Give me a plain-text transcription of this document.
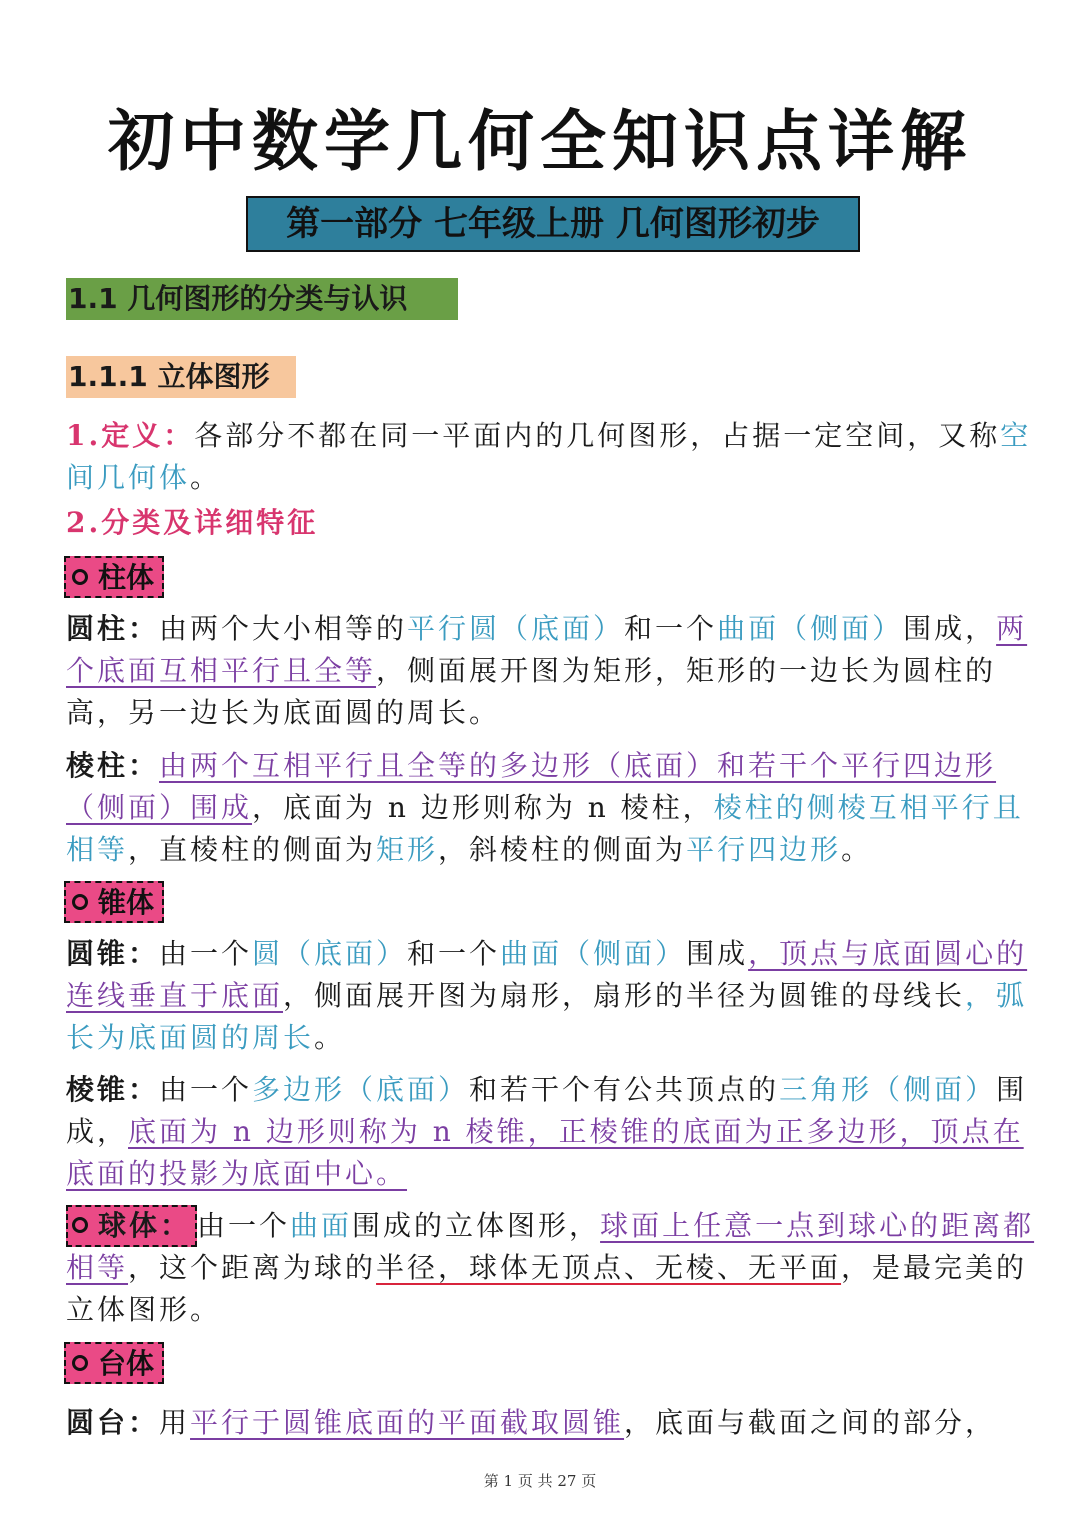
初中数学几何全知识点详解
第一部分 七年级上册 几何图形初步
1.1 几何图形的分类与认识
1.1.1 立体图形
1.定义：各部分不都在同一平面内的几何图形，占据一定空间，又称空间几何体。
2.分类及详细特征
柱体
圆柱：由两个大小相等的平行圆（底面）和一个曲面（侧面）围成，两个底面互相平行且全等，侧面展开图为矩形，矩形的一边长为圆柱的高，另一边长为底面圆的周长。
棱柱：由两个互相平行且全等的多边形（底面）和若干个平行四边形（侧面）围成，底面为 n 边形则称为 n 棱柱，棱柱的侧棱互相平行且相等，直棱柱的侧面为矩形，斜棱柱的侧面为平行四边形。
锥体
圆锥：由一个圆（底面）和一个曲面（侧面）围成，顶点与底面圆心的连线垂直于底面，侧面展开图为扇形，扇形的半径为圆锥的母线长，弧长为底面圆的周长。
棱锥：由一个多边形（底面）和若干个有公共顶点的三角形（侧面）围成，底面为 n 边形则称为 n 棱锥，正棱锥的底面为正多边形，顶点在底面的投影为底面中心。
球体： 由一个曲面围成的立体图形，球面上任意一点到球心的距离都相等，这个距离为球的半径，球体无顶点、无棱、无平面，是最完美的立体图形。
台体
圆台：用平行于圆锥底面的平面截取圆锥，底面与截面之间的部分，
第 1 页 共 27 页
